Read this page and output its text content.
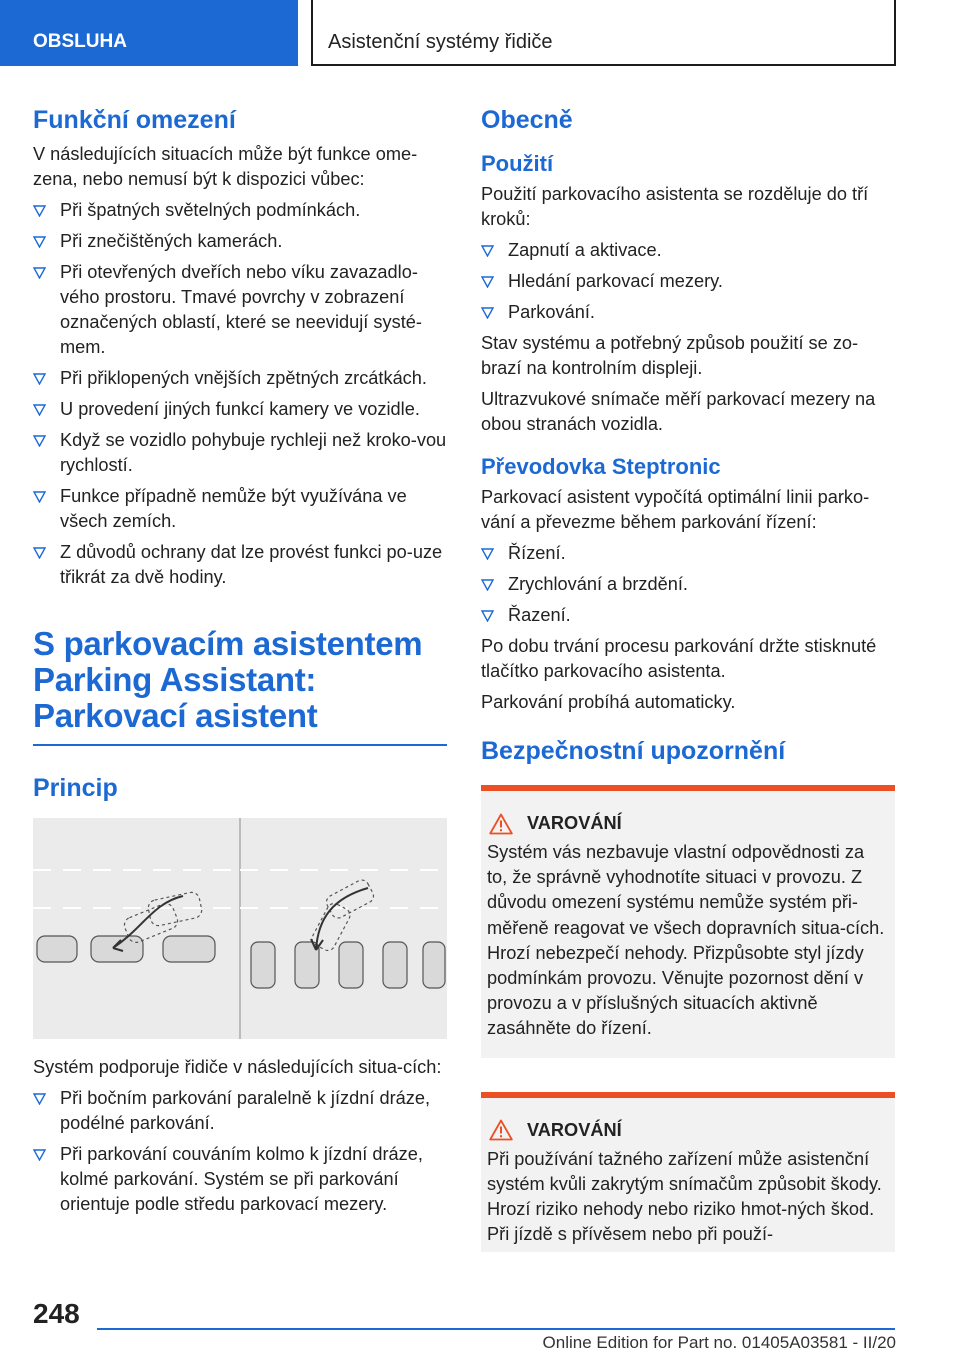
OBSLUHA	Asistenční systémy řidiče
Funkční omezení
V následujících situacích může být funkce ome-zena, nebo nemusí být k dispozici vůbec:
Při špatných světelných podmínkách.
Při znečištěných kamerách.
Při otevřených dveřích nebo víku zavazadlo-vého prostoru. Tmavé povrchy v zobrazení označených oblastí, které se neevidují systé-mem.
Při přiklopených vnějších zpětných zrcátkách.
U provedení jiných funkcí kamery ve vozidle.
Když se vozidlo pohybuje rychleji než kroko-vou rychlostí.
Funkce případně nemůže být využívána ve všech zemích.
Z důvodů ochrany dat lze provést funkci po-uze třikrát za dvě hodiny.
S parkovacím asistentem
Parking Assistant:
Parkovací asistent
Princip
Systém podporuje řidiče v následujících situa-cích:
Při bočním parkování paralelně k jízdní dráze, podélné parkování.
Při parkování couváním kolmo k jízdní dráze, kolmé parkování. Systém se při parkování orientuje podle středu parkovací mezery.
Obecně
Použití
Použití parkovacího asistenta se rozděluje do tří kroků:
Zapnutí a aktivace.
Hledání parkovací mezery.
Parkování.
Stav systému a potřebný způsob použití se zo-brazí na kontrolním displeji.
Ultrazvukové snímače měří parkovací mezery na obou stranách vozidla.
Převodovka Steptronic
Parkovací asistent vypočítá optimální linii parko-vání a převezme během parkování řízení:
Řízení.
Zrychlování a brzdění.
Řazení.
Po dobu trvání procesu parkování držte stisknuté tlačítko parkovacího asistenta.
Parkování probíhá automaticky.
Bezpečnostní upozornění
VAROVÁNÍ
Systém vás nezbavuje vlastní odpovědnosti za to, že správně vyhodnotíte situaci v provozu. Z důvodu omezení systému nemůže systém při-měřeně reagovat ve všech dopravních situa-cích. Hrozí nebezpečí nehody. Přizpůsobte styl jízdy podmínkám provozu. Věnujte pozornost dění v provozu a v příslušných situacích aktivně zasáhněte do řízení.
VAROVÁNÍ
Při používání tažného zařízení může asistenční systém kvůli zakrytým snímačům způsobit škody. Hrozí riziko nehody nebo riziko hmot-ných škod. Při jízdě s přívěsem nebo při použí-
248
Online Edition for Part no. 01405A03581 - II/20
